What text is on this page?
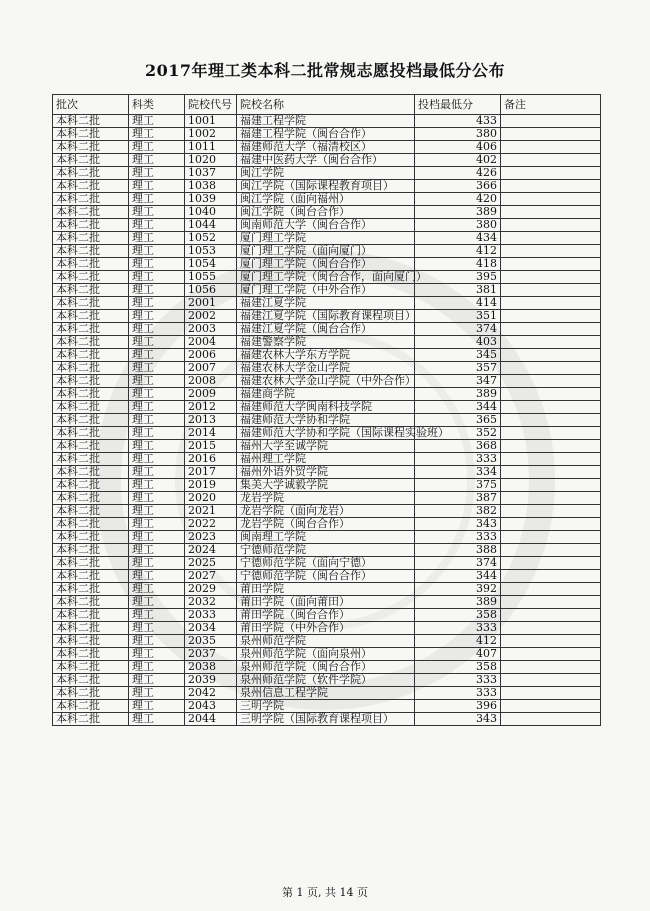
2017年理工类本科二批常规志愿投档最低分公布
批次	科类	院校代号	院校名称	投档最低分	备注
本科二批	理工	1001	福建工程学院	433	
本科二批	理工	1002	福建工程学院（闽台合作）	380	
本科二批	理工	1011	福建师范大学（福清校区）	406	
本科二批	理工	1020	福建中医药大学（闽台合作）	402	
本科二批	理工	1037	闽江学院	426	
本科二批	理工	1038	闽江学院（国际课程教育项目）	366	
本科二批	理工	1039	闽江学院（面向福州）	420	
本科二批	理工	1040	闽江学院（闽台合作）	389	
本科二批	理工	1044	闽南师范大学（闽台合作）	380	
本科二批	理工	1052	厦门理工学院	434	
本科二批	理工	1053	厦门理工学院（面向厦门）	412	
本科二批	理工	1054	厦门理工学院（闽台合作）	418	
本科二批	理工	1055	厦门理工学院（闽台合作，面向厦门）	395	
本科二批	理工	1056	厦门理工学院（中外合作）	381	
本科二批	理工	2001	福建江夏学院	414	
本科二批	理工	2002	福建江夏学院（国际教育课程项目）	351	
本科二批	理工	2003	福建江夏学院（闽台合作）	374	
本科二批	理工	2004	福建警察学院	403	
本科二批	理工	2006	福建农林大学东方学院	345	
本科二批	理工	2007	福建农林大学金山学院	357	
本科二批	理工	2008	福建农林大学金山学院（中外合作）	347	
本科二批	理工	2009	福建商学院	389	
本科二批	理工	2012	福建师范大学闽南科技学院	344	
本科二批	理工	2013	福建师范大学协和学院	365	
本科二批	理工	2014	福建师范大学协和学院（国际课程实验班）	352	
本科二批	理工	2015	福州大学至诚学院	368	
本科二批	理工	2016	福州理工学院	333	
本科二批	理工	2017	福州外语外贸学院	334	
本科二批	理工	2019	集美大学诚毅学院	375	
本科二批	理工	2020	龙岩学院	387	
本科二批	理工	2021	龙岩学院（面向龙岩）	382	
本科二批	理工	2022	龙岩学院（闽台合作）	343	
本科二批	理工	2023	闽南理工学院	333	
本科二批	理工	2024	宁德师范学院	388	
本科二批	理工	2025	宁德师范学院（面向宁德）	374	
本科二批	理工	2027	宁德师范学院（闽台合作）	344	
本科二批	理工	2029	莆田学院	392	
本科二批	理工	2032	莆田学院（面向莆田）	389	
本科二批	理工	2033	莆田学院（闽台合作）	358	
本科二批	理工	2034	莆田学院（中外合作）	333	
本科二批	理工	2035	泉州师范学院	412	
本科二批	理工	2037	泉州师范学院（面向泉州）	407	
本科二批	理工	2038	泉州师范学院（闽台合作）	358	
本科二批	理工	2039	泉州师范学院（软件学院）	333	
本科二批	理工	2042	泉州信息工程学院	333	
本科二批	理工	2043	三明学院	396	
本科二批	理工	2044	三明学院（国际教育课程项目）	343	
第 1 页, 共 14 页
